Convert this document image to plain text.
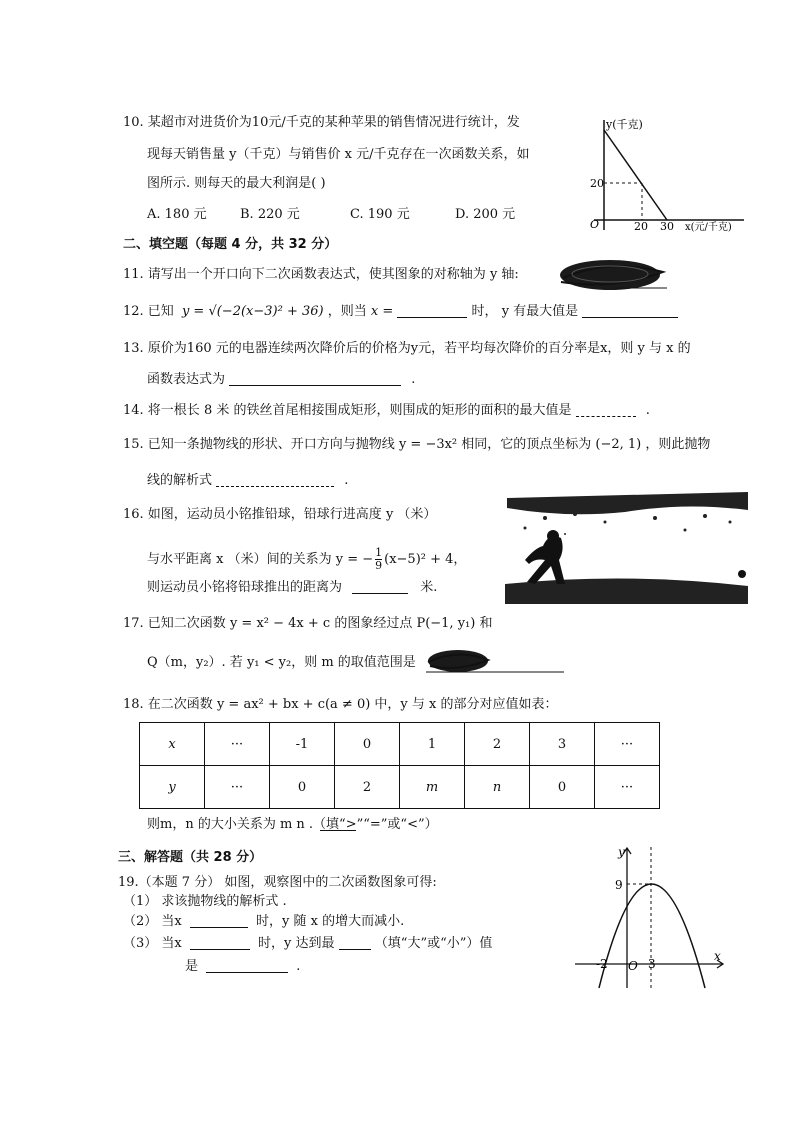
10. 某超市对进货价为10元/千克的某种苹果的销售情况进行统计，发
现每天销售量 y（千克）与销售价 x 元/千克存在一次函数关系，如
图所示. 则每天的最大利润是( )
A. 180 元	B. 220 元	C. 190 元	D. 200 元
y(千克)
20
O	20 30 x(元/千克)
二、填空题（每题 4 分，共 32 分）
11. 请写出一个开口向下二次函数表达式，使其图象的对称轴为 y 轴:
12. 已知 y = √(−2(x−3)² + 36) ，则当 x =	时， y 有最大值是
13. 原价为160 元的电器连续两次降价后的价格为y元，若平均每次降价的百分率是x，则 y 与 x 的
函数表达式为	.
14. 将一根长 8 米 的铁丝首尾相接围成矩形，则围成的矩形的面积的最大值是	.
15. 已知一条抛物线的形状、开口方向与抛物线 y = −3x² 相同，它的顶点坐标为 (−2, 1) ，则此抛物
线的解析式	.
16. 如图，运动员小铭推铅球，铅球行进高度 y （米）
与水平距离 x （米）间的关系为 y = − $\frac{1}{9} (x-5)^2 + 4$，
则运动员小铭将铅球推出的距离为	米.
17. 已知二次函数 y = x² − 4x + c 的图象经过点 P(−1, y₁) 和
Q（m，y₂）. 若 y₁ < y₂，则 m 的取值范围是
18. 在二次函数 y = ax² + bx + c(a ≠ 0) 中，y 与 x 的部分对应值如表：
x	···	-1	0	1	2	3	···
y	···	0	2	m	n	0	···
则m，n 的大小关系为 m n .（填“>”“=”或“<”）
三、解答题（共 28 分）
19.（本题 7 分） 如图，观察图中的二次函数图象可得:
（1） 求该抛物线的解析式 .
（2） 当x	时，y 随 x 的增大而减小.
（3） 当x	时，y 达到最	（填“大”或“小”）值
是	.
y
9
-2 O 3
x
